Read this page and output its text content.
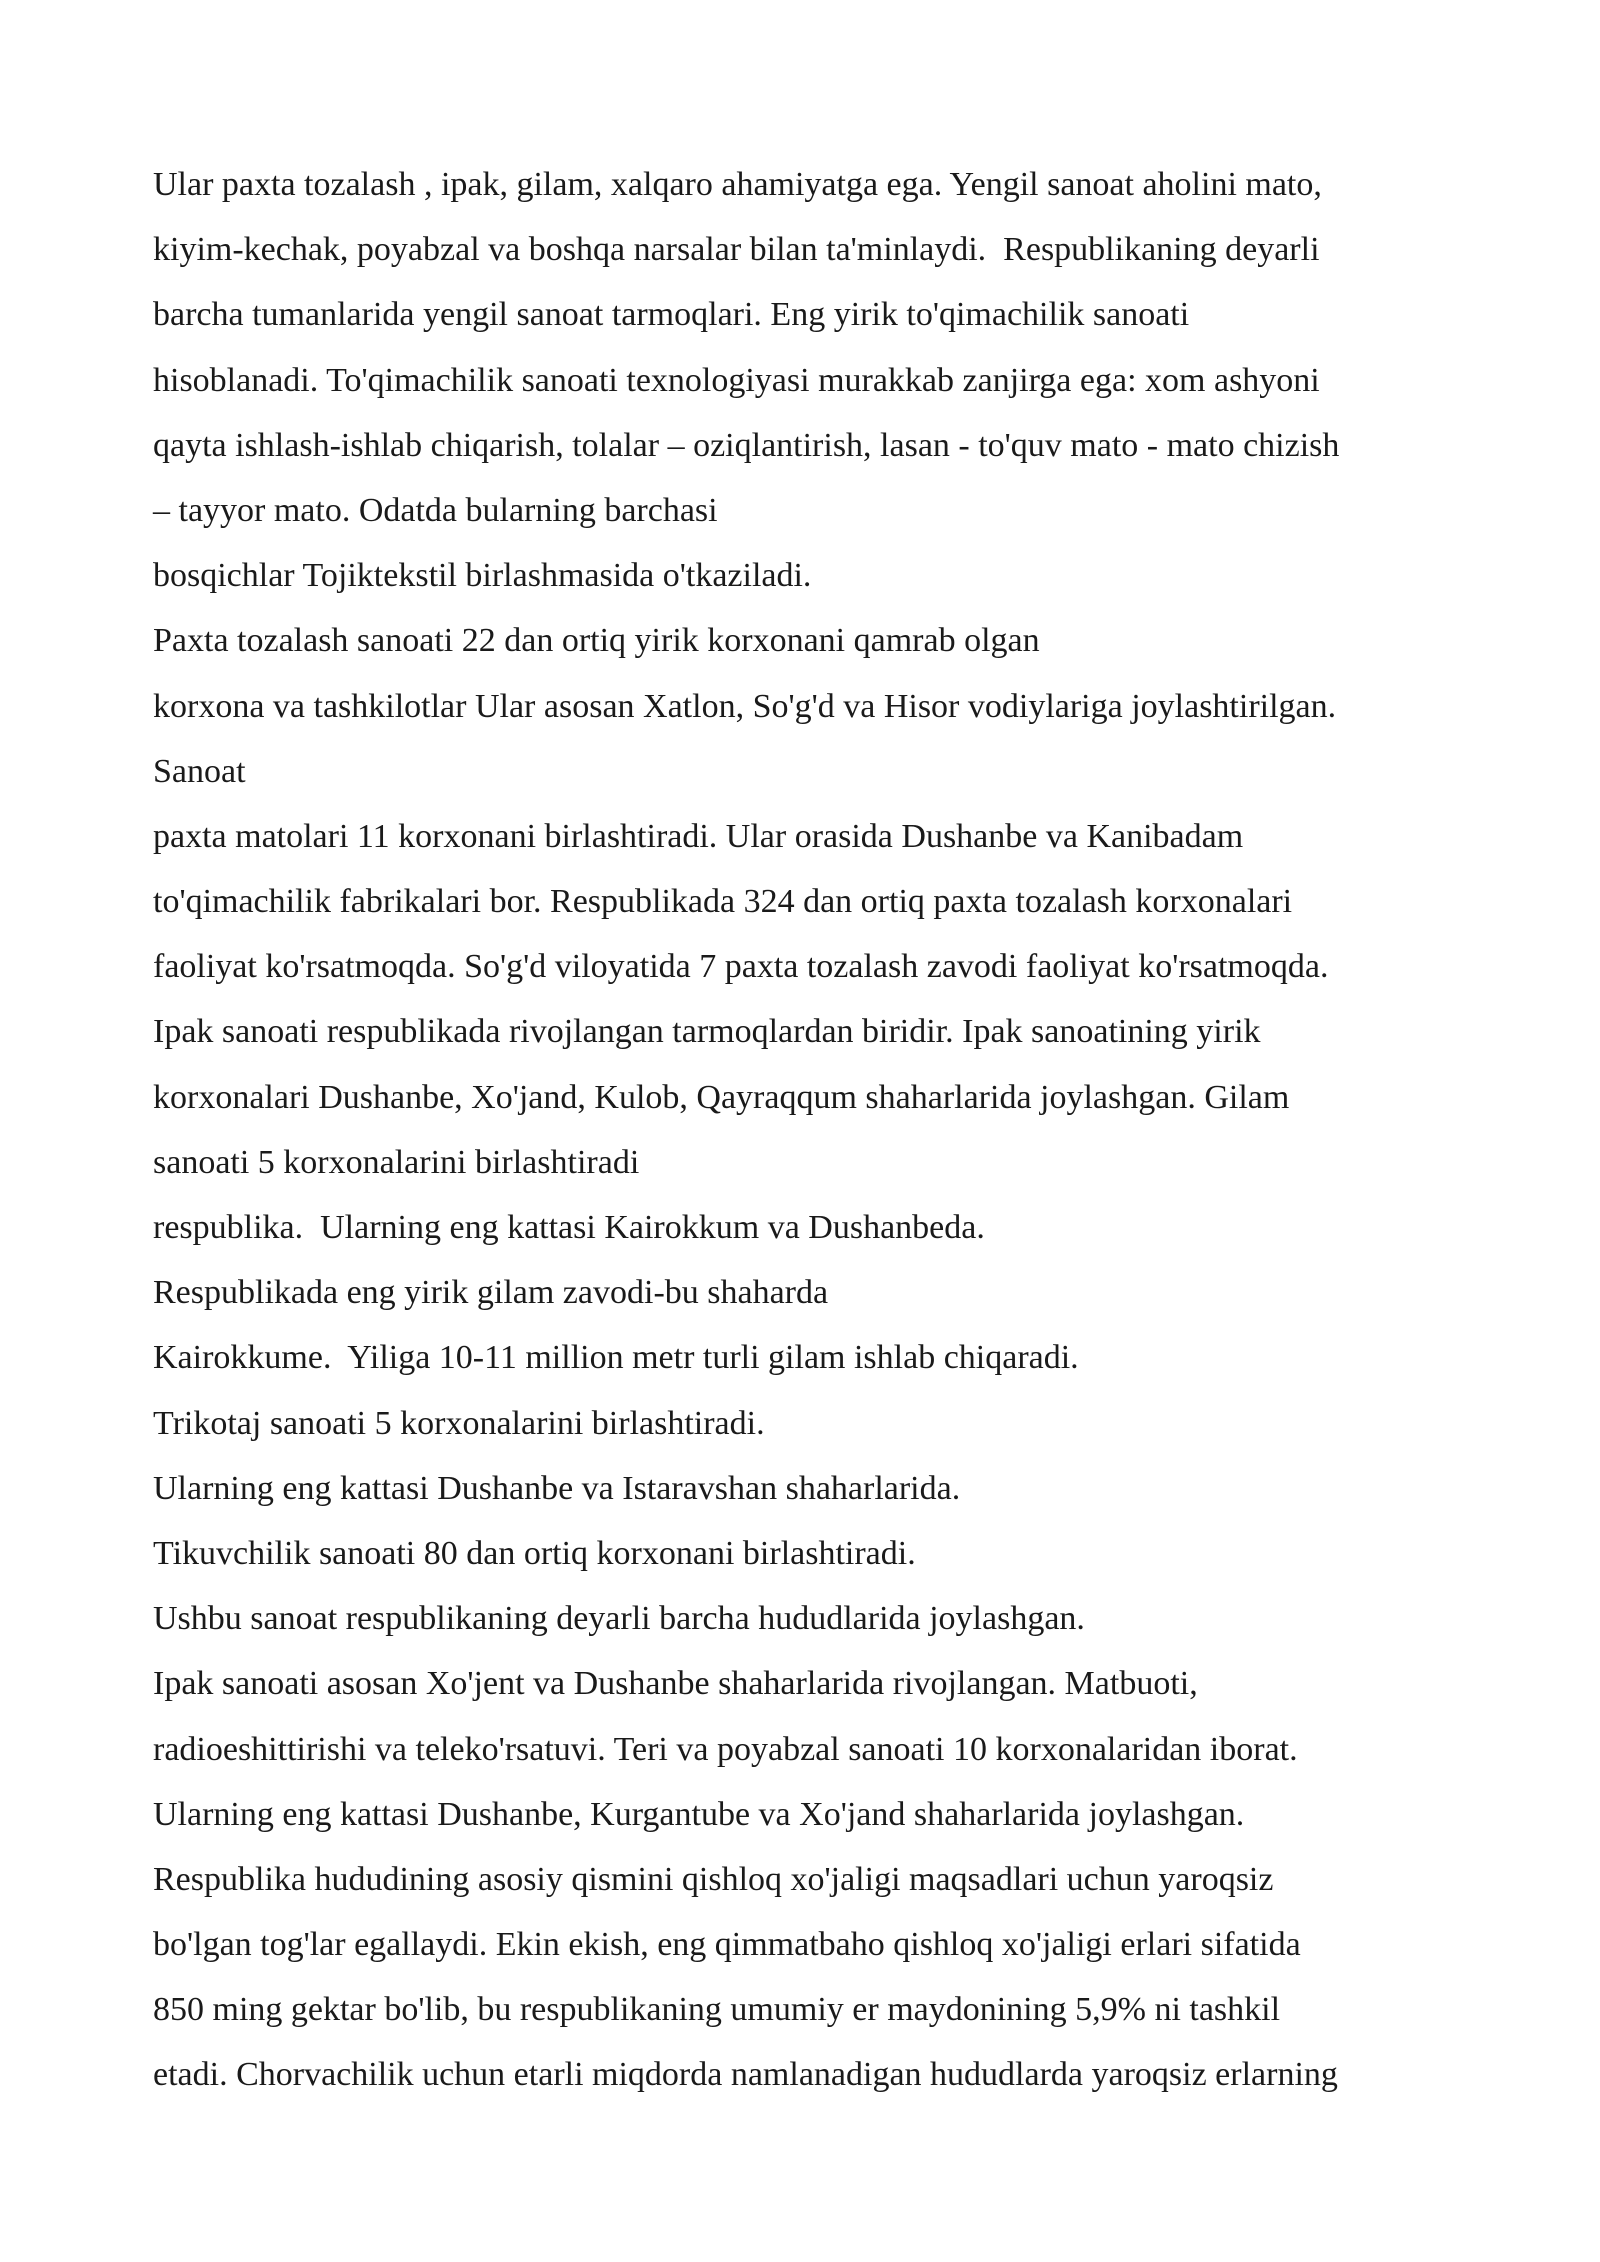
Ular paxta tozalash , ipak, gilam, xalqaro ahamiyatga ega. Yengil sanoat aholini mato,
kiyim-kechak, poyabzal va boshqa narsalar bilan ta'minlaydi.  Respublikaning deyarli
barcha tumanlarida yengil sanoat tarmoqlari. Eng yirik to'qimachilik sanoati
hisoblanadi. To'qimachilik sanoati texnologiyasi murakkab zanjirga ega: xom ashyoni
qayta ishlash-ishlab chiqarish, tolalar – oziqlantirish, lasan - to'quv mato - mato chizish
– tayyor mato. Odatda bularning barchasi
bosqichlar Tojiktekstil birlashmasida o'tkaziladi.
Paxta tozalash sanoati 22 dan ortiq yirik korxonani qamrab olgan
korxona va tashkilotlar Ular asosan Xatlon, So'g'd va Hisor vodiylariga joylashtirilgan.
Sanoat
paxta matolari 11 korxonani birlashtiradi. Ular orasida Dushanbe va Kanibadam
to'qimachilik fabrikalari bor. Respublikada 324 dan ortiq paxta tozalash korxonalari
faoliyat ko'rsatmoqda. So'g'd viloyatida 7 paxta tozalash zavodi faoliyat ko'rsatmoqda.
Ipak sanoati respublikada rivojlangan tarmoqlardan biridir. Ipak sanoatining yirik
korxonalari Dushanbe, Xo'jand, Kulob, Qayraqqum shaharlarida joylashgan. Gilam
sanoati 5 korxonalarini birlashtiradi
respublika.  Ularning eng kattasi Kairokkum va Dushanbeda.
Respublikada eng yirik gilam zavodi-bu shaharda
Kairokkume.  Yiliga 10-11 million metr turli gilam ishlab chiqaradi.
Trikotaj sanoati 5 korxonalarini birlashtiradi.
Ularning eng kattasi Dushanbe va Istaravshan shaharlarida.
Tikuvchilik sanoati 80 dan ortiq korxonani birlashtiradi.
Ushbu sanoat respublikaning deyarli barcha hududlarida joylashgan.
Ipak sanoati asosan Xo'jent va Dushanbe shaharlarida rivojlangan. Matbuoti,
radioeshittirishi va teleko'rsatuvi. Teri va poyabzal sanoati 10 korxonalaridan iborat.
Ularning eng kattasi Dushanbe, Kurgantube va Xo'jand shaharlarida joylashgan.
Respublika hududining asosiy qismini qishloq xo'jaligi maqsadlari uchun yaroqsiz
bo'lgan tog'lar egallaydi. Ekin ekish, eng qimmatbaho qishloq xo'jaligi erlari sifatida
850 ming gektar bo'lib, bu respublikaning umumiy er maydonining 5,9% ni tashkil
etadi. Chorvachilik uchun etarli miqdorda namlanadigan hududlarda yaroqsiz erlarning
